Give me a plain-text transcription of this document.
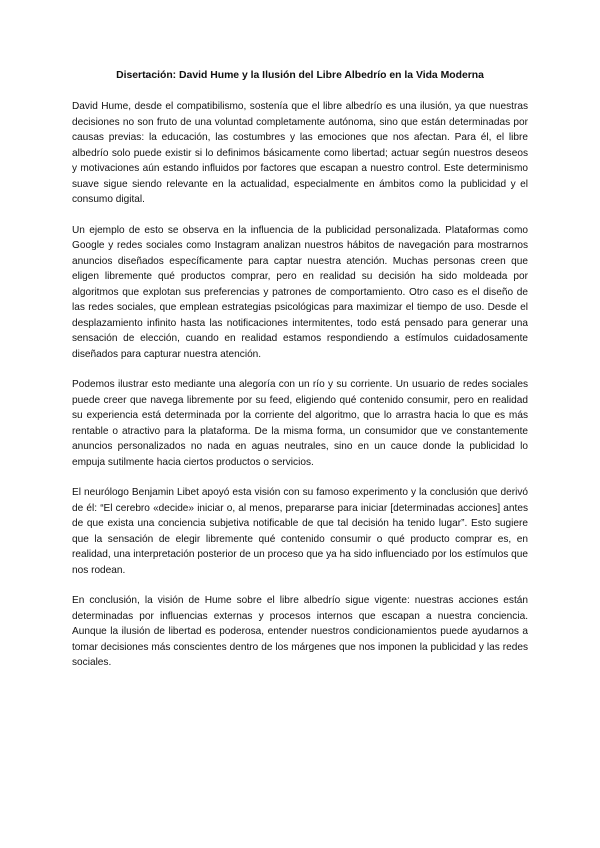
Disertación: David Hume y la Ilusión del Libre Albedrío en la Vida Moderna

David Hume, desde el compatibilismo, sostenía que el libre albedrío es una ilusión, ya que nuestras decisiones no son fruto de una voluntad completamente autónoma, sino que están determinadas por causas previas: la educación, las costumbres y las emociones que nos afectan. Para él, el libre albedrío solo puede existir si lo definimos básicamente como libertad; actuar según nuestros deseos y motivaciones aún estando influidos por factores que escapan a nuestro control. Este determinismo suave sigue siendo relevante en la actualidad, especialmente en ámbitos como la publicidad y el consumo digital.

Un ejemplo de esto se observa en la influencia de la publicidad personalizada. Plataformas como Google y redes sociales como Instagram analizan nuestros hábitos de navegación para mostrarnos anuncios diseñados específicamente para captar nuestra atención. Muchas personas creen que eligen libremente qué productos comprar, pero en realidad su decisión ha sido moldeada por algoritmos que explotan sus preferencias y patrones de comportamiento. Otro caso es el diseño de las redes sociales, que emplean estrategias psicológicas para maximizar el tiempo de uso. Desde el desplazamiento infinito hasta las notificaciones intermitentes, todo está pensado para generar una sensación de elección, cuando en realidad estamos respondiendo a estímulos cuidadosamente diseñados para capturar nuestra atención.

Podemos ilustrar esto mediante una alegoría con un río y su corriente. Un usuario de redes sociales puede creer que navega libremente por su feed, eligiendo qué contenido consumir, pero en realidad su experiencia está determinada por la corriente del algoritmo, que lo arrastra hacia lo que es más rentable o atractivo para la plataforma. De la misma forma, un consumidor que ve constantemente anuncios personalizados no nada en aguas neutrales, sino en un cauce donde la publicidad lo empuja sutilmente hacia ciertos productos o servicios.

El neurólogo Benjamin Libet apoyó esta visión con su famoso experimento y la conclusión que derivó de él: “El cerebro «decide» iniciar o, al menos, prepararse para iniciar [determinadas acciones] antes de que exista una conciencia subjetiva notificable de que tal decisión ha tenido lugar”. Esto sugiere que la sensación de elegir libremente qué contenido consumir o qué producto comprar es, en realidad, una interpretación posterior de un proceso que ya ha sido influenciado por los estímulos que nos rodean.

En conclusión, la visión de Hume sobre el libre albedrío sigue vigente: nuestras acciones están determinadas por influencias externas y procesos internos que escapan a nuestra conciencia. Aunque la ilusión de libertad es poderosa, entender nuestros condicionamientos puede ayudarnos a tomar decisiones más conscientes dentro de los márgenes que nos imponen la publicidad y las redes sociales.
